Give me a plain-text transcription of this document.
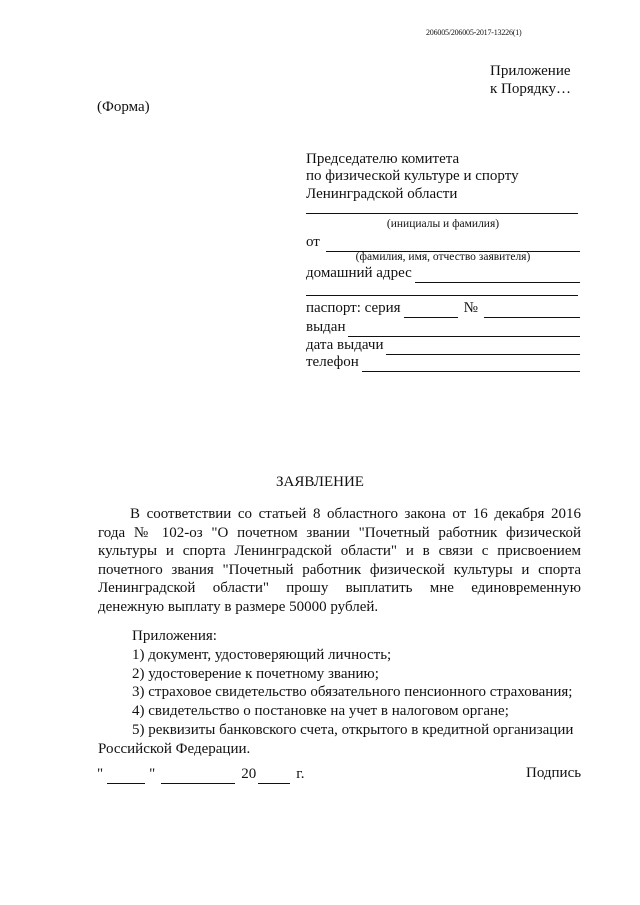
206005/206005-2017-13226(1)
Приложение
к Порядку…
(Форма)
Председателю комитета
по физической культуре и спорту
Ленинградской области
(инициалы и фамилия)
от
(фамилия, имя, отчество заявителя)
домашний адрес
паспорт: серия	№
выдан
дата выдачи
телефон
ЗАЯВЛЕНИЕ

В соответствии со статьей 8 областного закона от 16 декабря 2016 года № 102-оз "О почетном звании "Почетный работник физической культуры и спорта Ленинградской области" и в связи с присвоением почетного звания "Почетный работник физической культуры и спорта Ленинградской области" прошу выплатить мне единовременную денежную выплату в размере 50000 рублей.

Приложения:
1) документ, удостоверяющий личность;
2) удостоверение к почетному званию;
3) страховое свидетельство обязательного пенсионного страхования;
4) свидетельство о постановке на учет в налоговом органе;
5) реквизиты банковского счета, открытого в кредитной организации
Российской Федерации.
"	"	20	г.	Подпись
